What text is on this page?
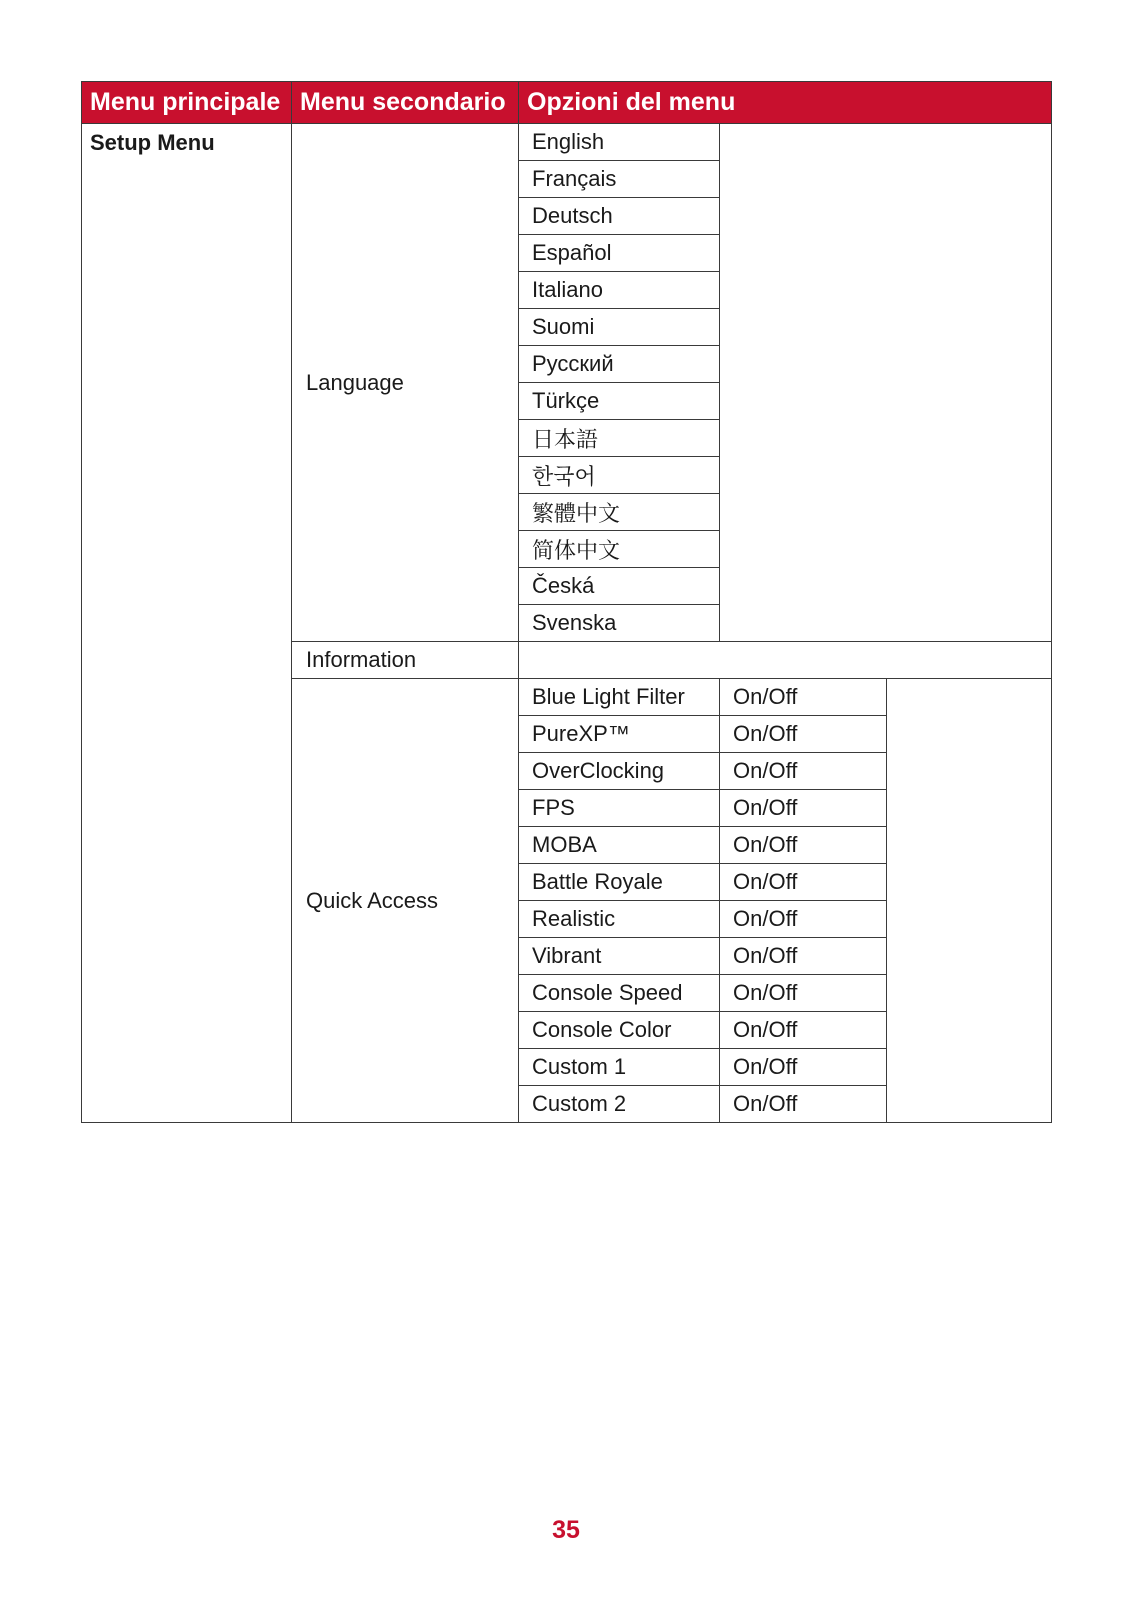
Menu principale	Menu secondario	Opzioni del menu		
Setup Menu	Language	English		
		Français		
		Deutsch		
		Español		
		Italiano		
		Suomi		
		Русский		
		Türkçe		
		日本語		
		한국어		
		繁體中文		
		简体中文		
		Česká		
		Svenska		
	Information			
	Quick Access	Blue Light Filter	On/Off	
		PureXP™	On/Off	
		OverClocking	On/Off	
		FPS	On/Off	
		MOBA	On/Off	
		Battle Royale	On/Off	
		Realistic	On/Off	
		Vibrant	On/Off	
		Console Speed	On/Off	
		Console Color	On/Off	
		Custom 1	On/Off	
		Custom 2	On/Off	
35
